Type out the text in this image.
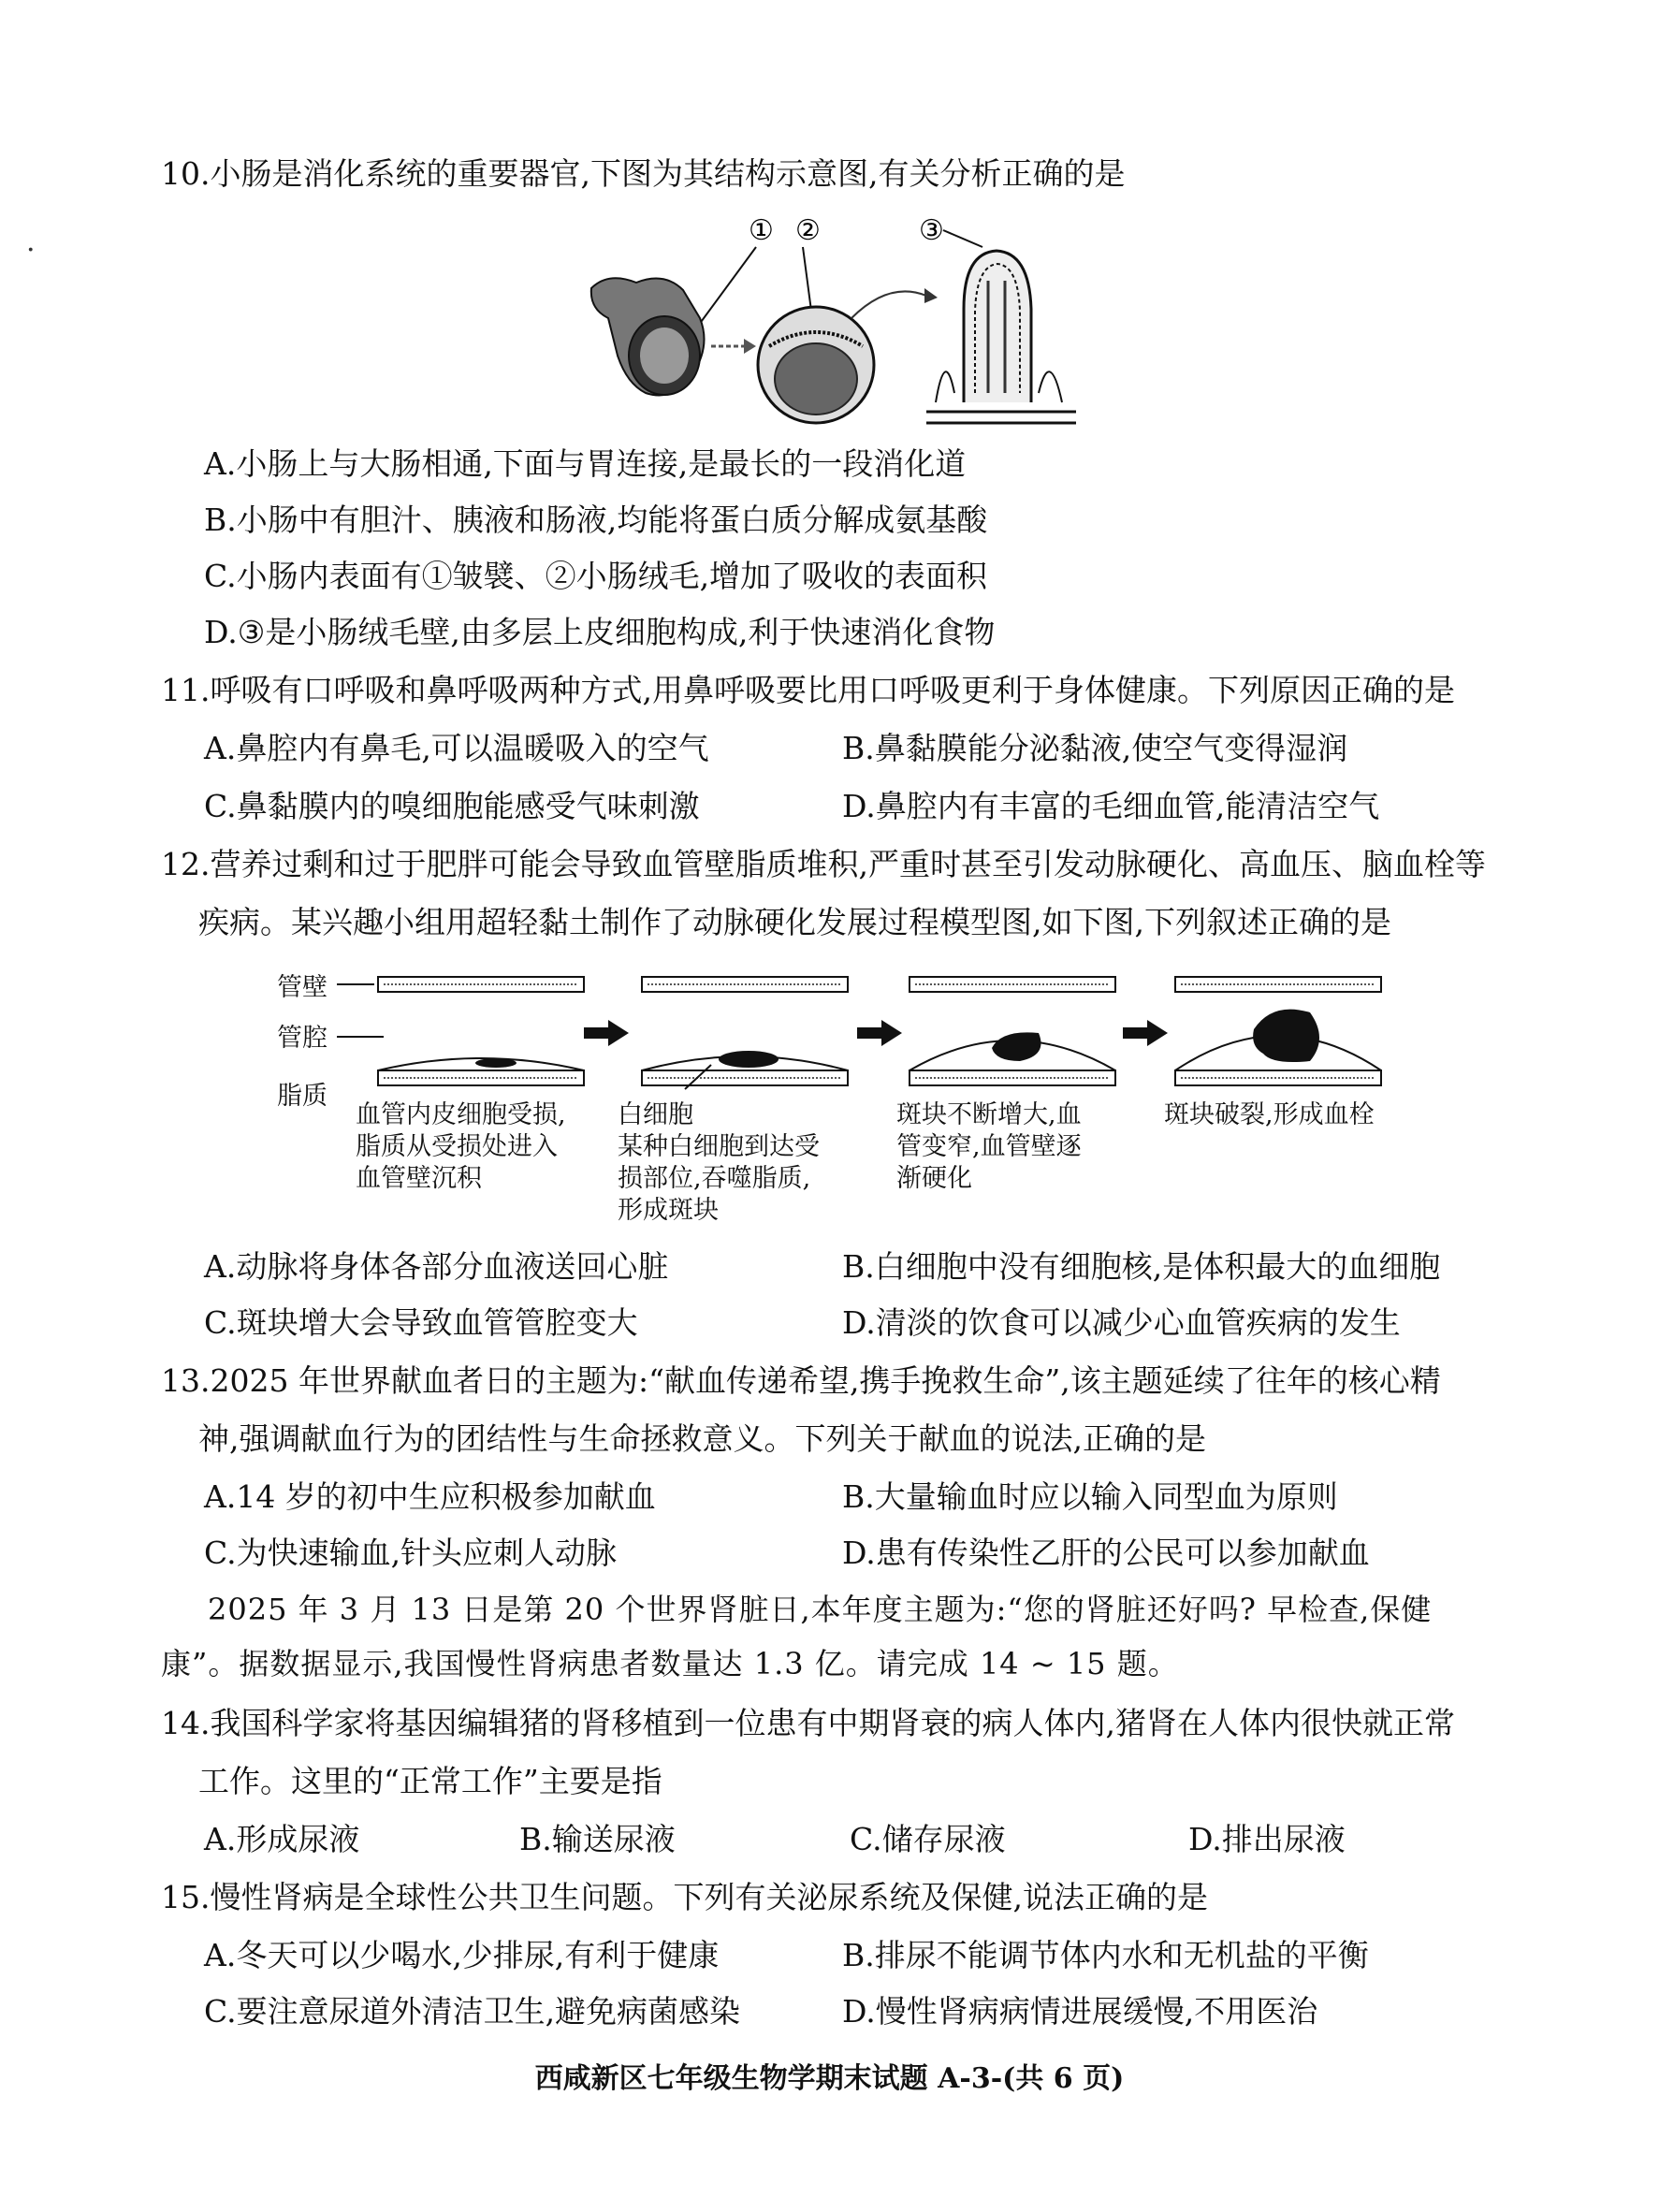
·
10.小肠是消化系统的重要器官,下图为其结构示意图,有关分析正确的是
① ②	③
A.小肠上与大肠相通,下面与胃连接,是最长的一段消化道
B.小肠中有胆汁、胰液和肠液,均能将蛋白质分解成氨基酸
C.小肠内表面有①皱襞、②小肠绒毛,增加了吸收的表面积
D.③是小肠绒毛壁,由多层上皮细胞构成,利于快速消化食物
11.呼吸有口呼吸和鼻呼吸两种方式,用鼻呼吸要比用口呼吸更利于身体健康。下列原因正确的是
A.鼻腔内有鼻毛,可以温暖吸入的空气	B.鼻黏膜能分泌黏液,使空气变得湿润
C.鼻黏膜内的嗅细胞能感受气味刺激	D.鼻腔内有丰富的毛细血管,能清洁空气
12.营养过剩和过于肥胖可能会导致血管壁脂质堆积,严重时甚至引发动脉硬化、高血压、脑血栓等
疾病。某兴趣小组用超轻黏土制作了动脉硬化发展过程模型图,如下图,下列叙述正确的是
管壁
管腔
脂质
血管内皮细胞受损,
脂质从受损处进入
血管壁沉积
白细胞
某种白细胞到达受
损部位,吞噬脂质,
形成斑块
斑块不断增大,血
管变窄,血管壁逐
渐硬化
斑块破裂,形成血栓
A.动脉将身体各部分血液送回心脏	B.白细胞中没有细胞核,是体积最大的血细胞
C.斑块增大会导致血管管腔变大	D.清淡的饮食可以减少心血管疾病的发生
13.2025 年世界献血者日的主题为:“献血传递希望,携手挽救生命”,该主题延续了往年的核心精
神,强调献血行为的团结性与生命拯救意义。下列关于献血的说法,正确的是
A.14 岁的初中生应积极参加献血	B.大量输血时应以输入同型血为原则
C.为快速输血,针头应刺人动脉	D.患有传染性乙肝的公民可以参加献血
2025 年 3 月 13 日是第 20 个世界肾脏日,本年度主题为:“您的肾脏还好吗? 早检查,保健
康”。据数据显示,我国慢性肾病患者数量达 1.3 亿。请完成 14 ~ 15 题。
14.我国科学家将基因编辑猪的肾移植到一位患有中期肾衰的病人体内,猪肾在人体内很快就正常
工作。这里的“正常工作”主要是指
A.形成尿液	B.输送尿液	C.储存尿液	D.排出尿液
15.慢性肾病是全球性公共卫生问题。下列有关泌尿系统及保健,说法正确的是
A.冬天可以少喝水,少排尿,有利于健康	B.排尿不能调节体内水和无机盐的平衡
C.要注意尿道外清洁卫生,避免病菌感染	D.慢性肾病病情进展缓慢,不用医治
西咸新区七年级生物学期末试题 A-3-(共 6 页)
